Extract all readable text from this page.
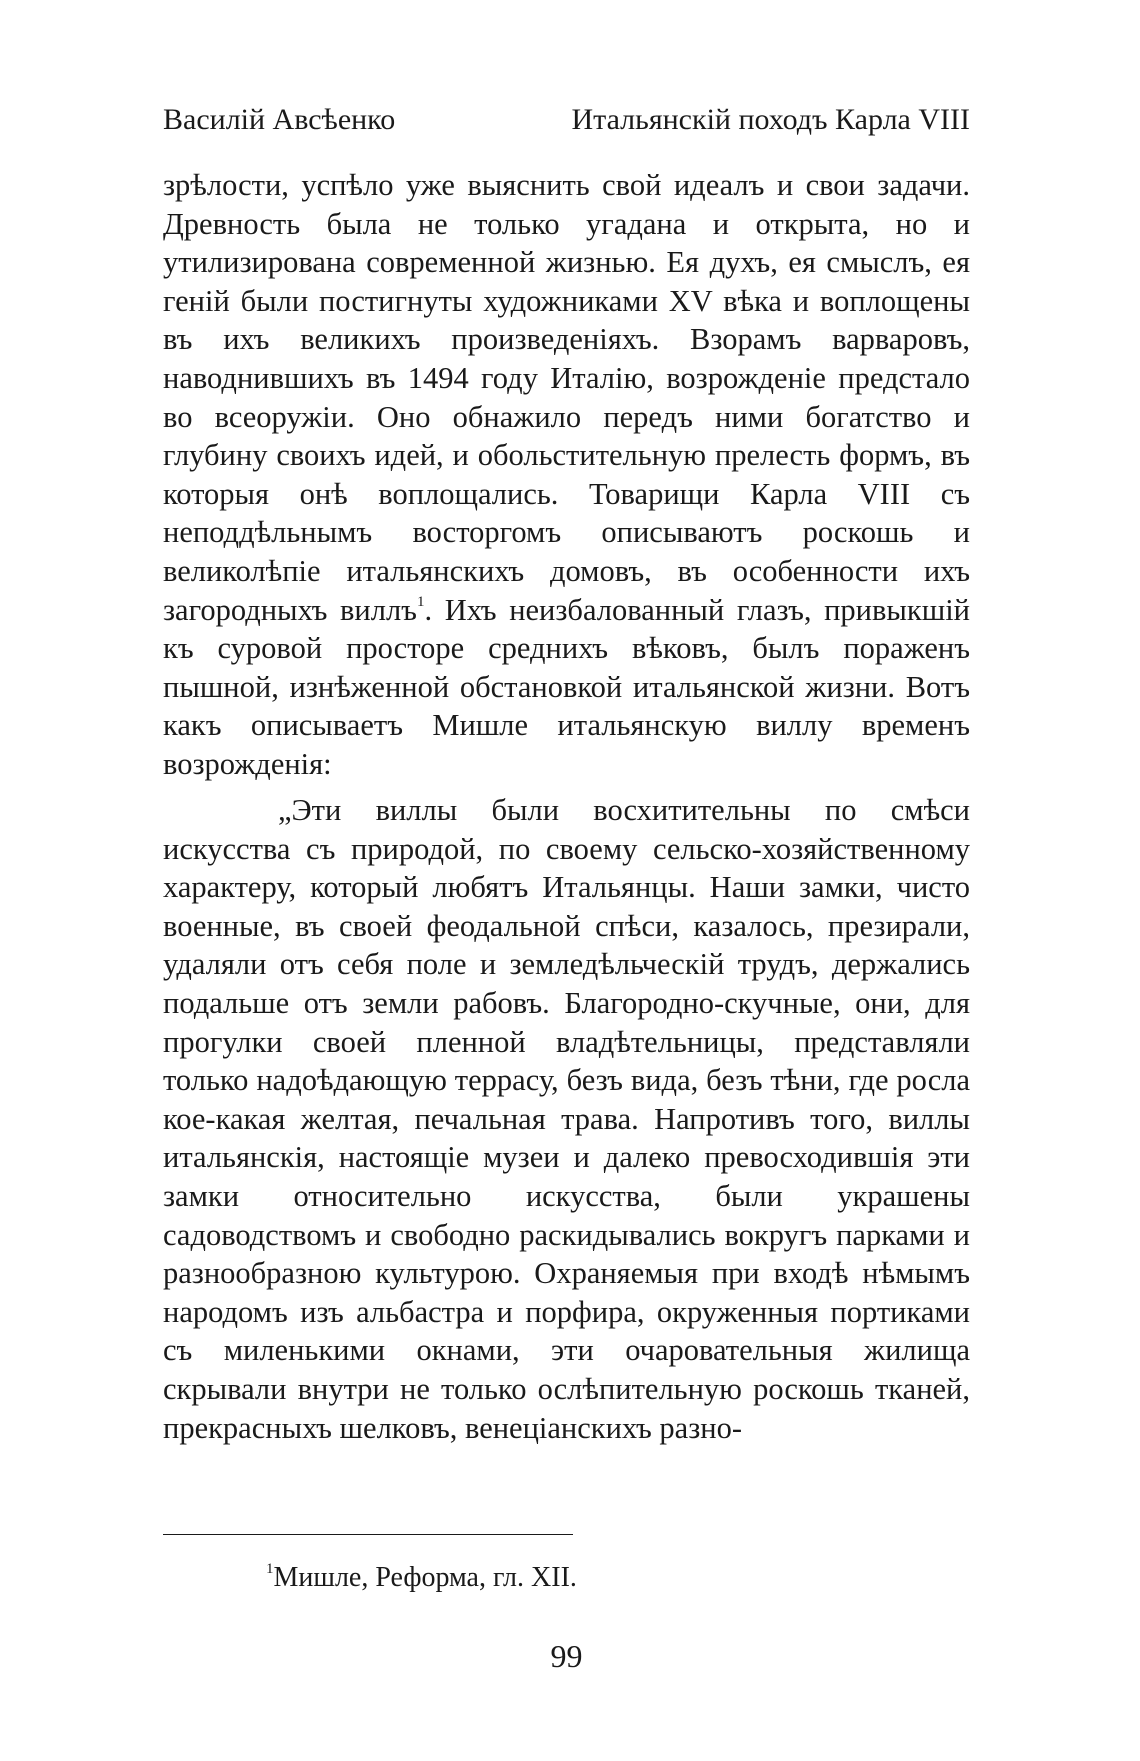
Василій Авсѣенко	Итальянскій походъ Карла VIII

зрѣлости, успѣло уже выяснить свой идеалъ и свои задачи. Древность была не только угадана и открыта, но и утилизирована современной жизнью. Ея духъ, ея смыслъ, ея геній были постигнуты художниками XV вѣка и воплощены въ ихъ великихъ произведеніяхъ. Взорамъ варваровъ, наводнившихъ въ 1494 году Италію, возрожденіе предстало во всеоружіи. Оно обнажило передъ ними богатство и глубину своихъ идей, и обольстительную прелесть формъ, въ которыя онѣ воплощались. Товарищи Карла VIII съ неподдѣльнымъ восторгомъ описываютъ роскошь и великолѣпіе итальянскихъ домовъ, въ особенности ихъ загородныхъ виллъ$^1$. Ихъ неизбалованный глазъ, привыкшій къ суровой просторе среднихъ вѣковъ, былъ пораженъ пышной, изнѣженной обстановкой итальянской жизни. Вотъ какъ описываетъ Мишле итальянскую виллу временъ возрожденія:

„Эти виллы были восхитительны по смѣси искусства съ природой, по своему сельско-хозяйственному характеру, который любятъ Итальянцы. Наши замки, чисто военные, въ своей феодальной спѣси, казалось, презирали, удаляли отъ себя поле и земледѣльческій трудъ, держались подальше отъ земли рабовъ. Благородно-скучные, они, для прогулки своей пленной владѣтельницы, представляли только надоѣдающую террасу, безъ вида, безъ тѣни, где росла кое-какая желтая, печальная трава. Напротивъ того, виллы итальянскія, настоящіе музеи и далеко превосходившія эти замки относительно искусства, были украшены садоводствомъ и свободно раскидывались вокругъ парками и разнообразною культурою. Охраняемыя при входѣ нѣмымъ народомъ изъ альбастра и порфира, окруженныя портиками съ миленькими окнами, эти очаровательныя жилища скрывали внутри не только ослѣпительную роскошь тканей, прекрасныхъ шелковъ, венеціанскихъ разно-

$^1$Мишле, Реформа, гл. XII.
99
